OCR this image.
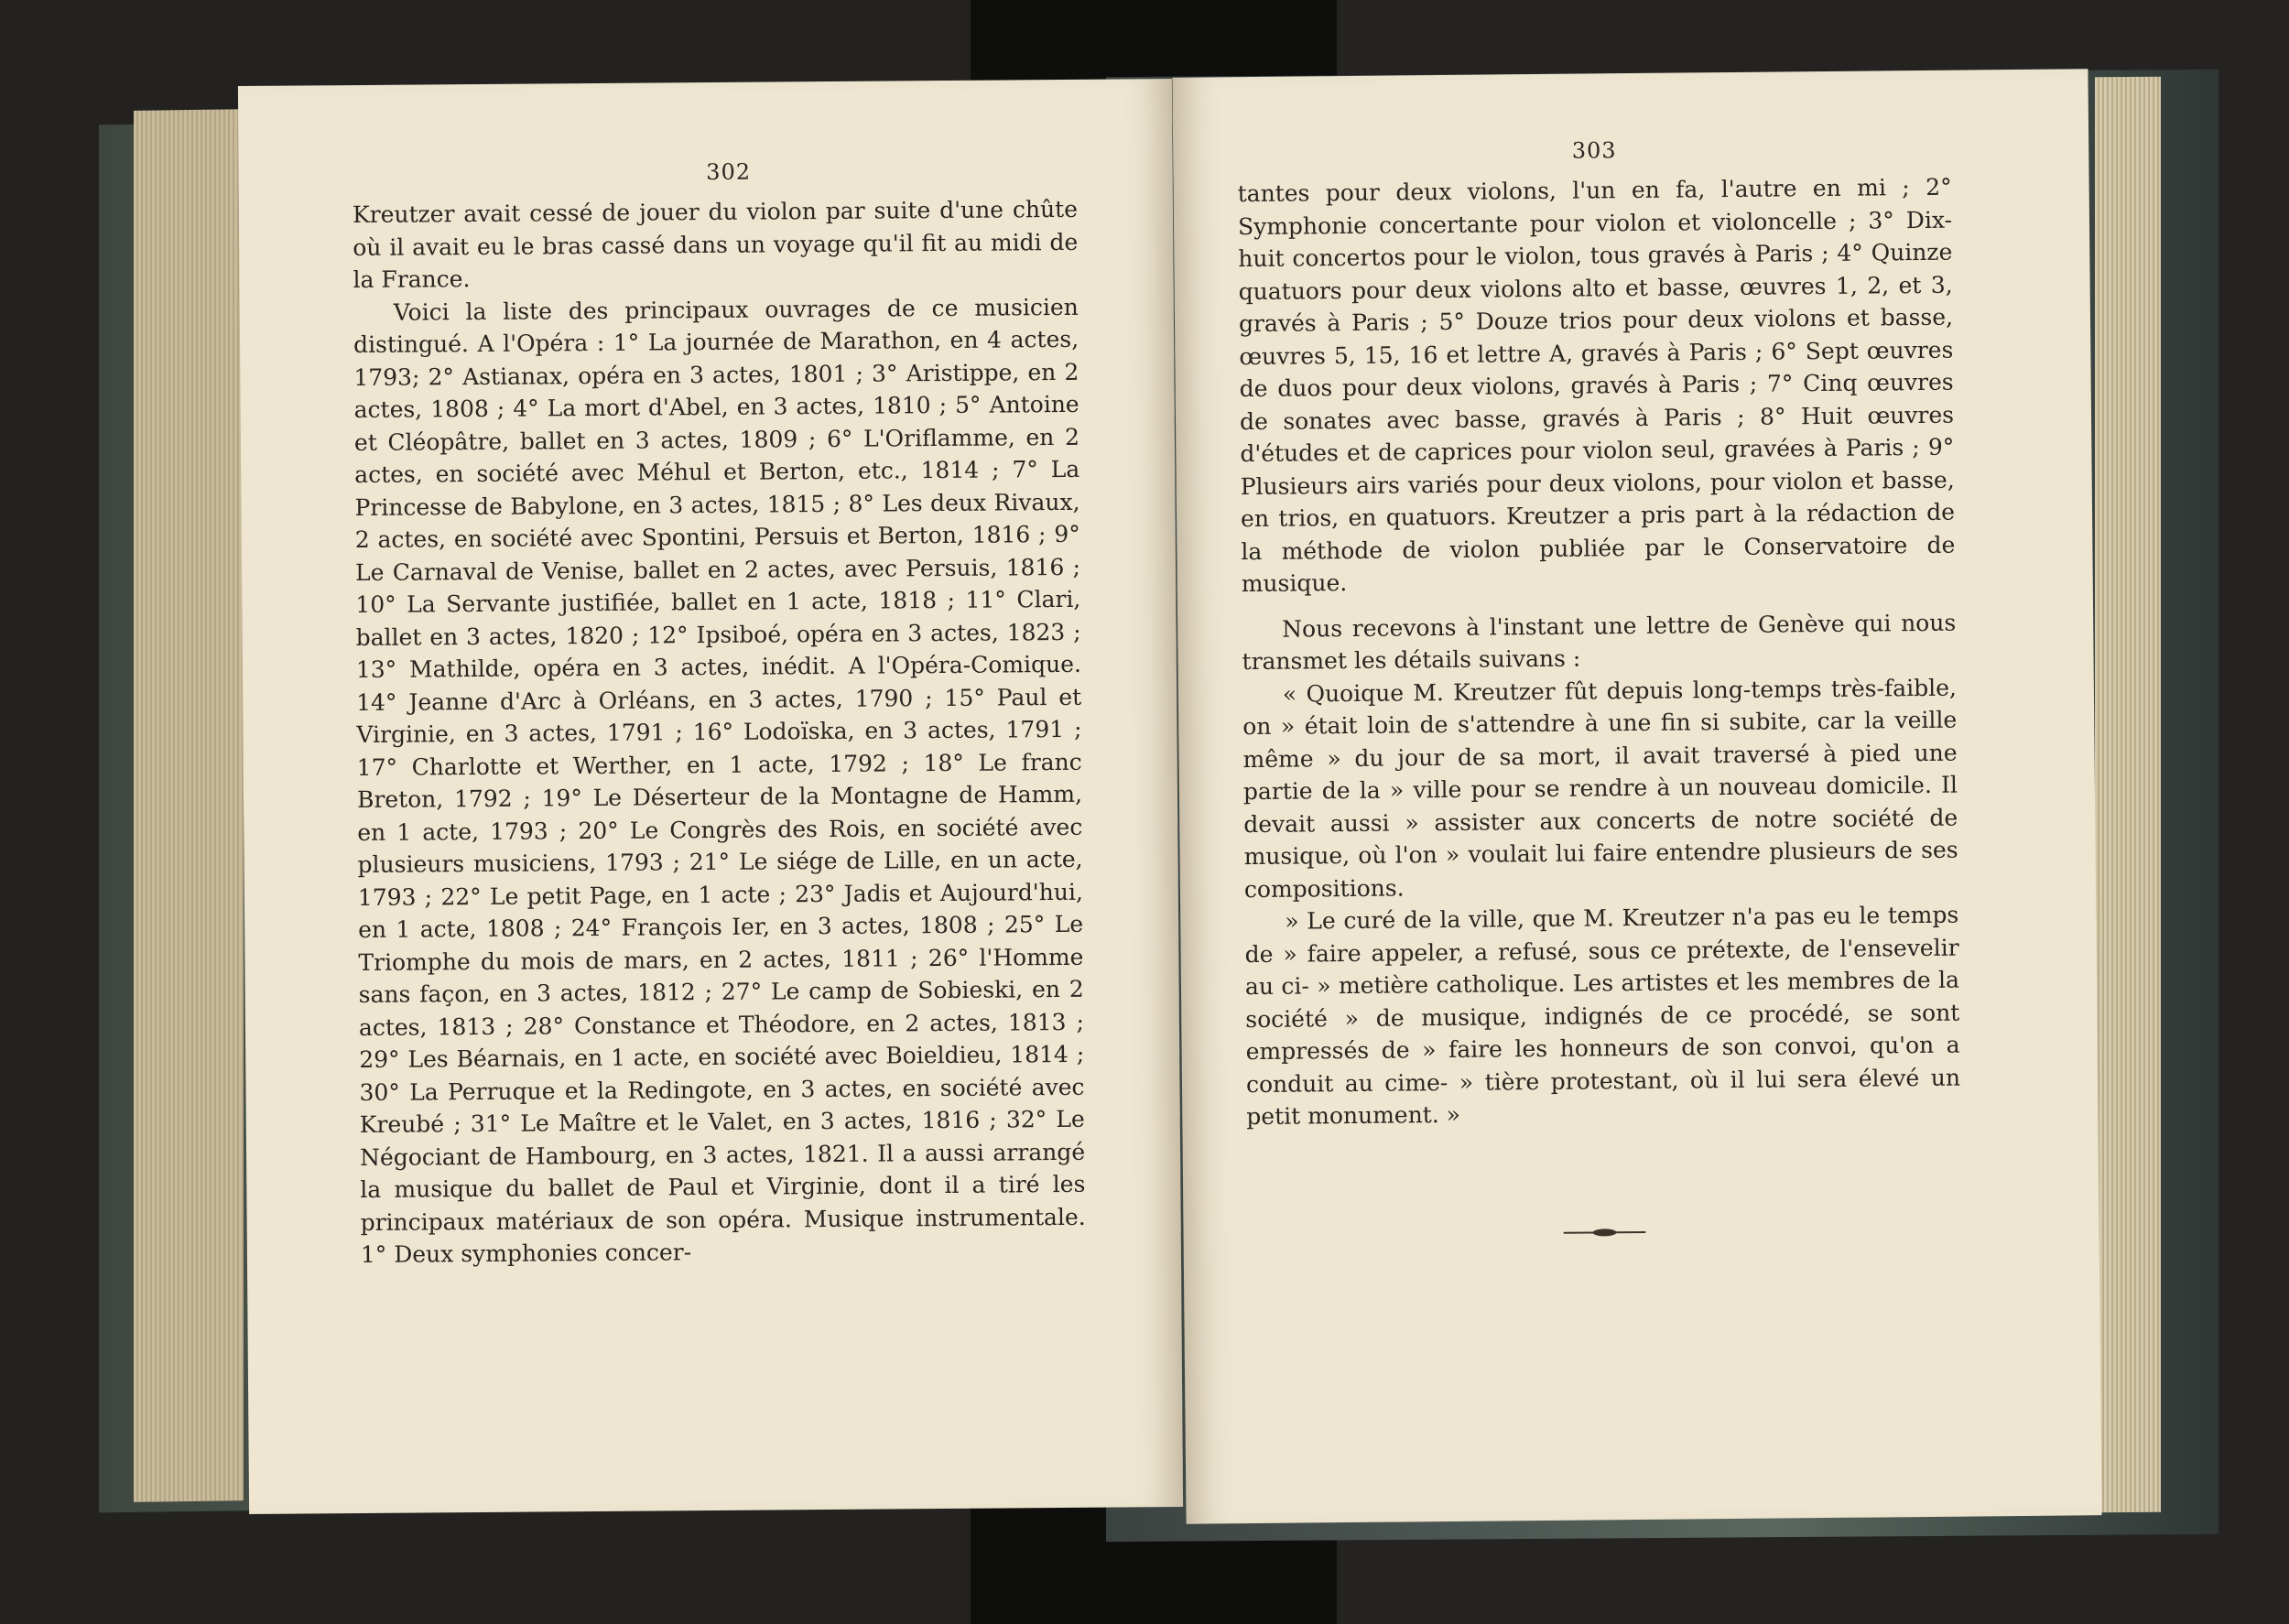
302

Kreutzer avait cessé de jouer du violon par suite d'une chûte où il avait eu le bras cassé dans un voyage qu'il fit au midi de la France.

Voici la liste des principaux ouvrages de ce musicien distingué. A l'Opéra : 1° La journée de Marathon, en 4 actes, 1793; 2° Astianax, opéra en 3 actes, 1801 ; 3° Aristippe, en 2 actes, 1808 ; 4° La mort d'Abel, en 3 actes, 1810 ; 5° Antoine et Cléopâtre, ballet en 3 actes, 1809 ; 6° L'Oriflamme, en 2 actes, en société avec Méhul et Berton, etc., 1814 ; 7° La Princesse de Babylone, en 3 actes, 1815 ; 8° Les deux Rivaux, 2 actes, en société avec Spontini, Persuis et Berton, 1816 ; 9° Le Carnaval de Venise, ballet en 2 actes, avec Persuis, 1816 ; 10° La Servante justifiée, ballet en 1 acte, 1818 ; 11° Clari, ballet en 3 actes, 1820 ; 12° Ipsiboé, opéra en 3 actes, 1823 ; 13° Mathilde, opéra en 3 actes, inédit. A l'Opéra-Comique. 14° Jeanne d'Arc à Orléans, en 3 actes, 1790 ; 15° Paul et Virginie, en 3 actes, 1791 ; 16° Lodoïska, en 3 actes, 1791 ; 17° Charlotte et Werther, en 1 acte, 1792 ; 18° Le franc Breton, 1792 ; 19° Le Déserteur de la Montagne de Hamm, en 1 acte, 1793 ; 20° Le Congrès des Rois, en société avec plusieurs musiciens, 1793 ; 21° Le siége de Lille, en un acte, 1793 ; 22° Le petit Page, en 1 acte ; 23° Jadis et Aujourd'hui, en 1 acte, 1808 ; 24° François Ier, en 3 actes, 1808 ; 25° Le Triomphe du mois de mars, en 2 actes, 1811 ; 26° l'Homme sans façon, en 3 actes, 1812 ; 27° Le camp de Sobieski, en 2 actes, 1813 ; 28° Constance et Théodore, en 2 actes, 1813 ; 29° Les Béarnais, en 1 acte, en société avec Boieldieu, 1814 ; 30° La Perruque et la Redingote, en 3 actes, en société avec Kreubé ; 31° Le Maître et le Valet, en 3 actes, 1816 ; 32° Le Négociant de Hambourg, en 3 actes, 1821. Il a aussi arrangé la musique du ballet de Paul et Virginie, dont il a tiré les principaux matériaux de son opéra. Musique instrumentale. 1° Deux symphonies concer-

303

tantes pour deux violons, l'un en fa, l'autre en mi ; 2° Symphonie concertante pour violon et violoncelle ; 3° Dix-huit concertos pour le violon, tous gravés à Paris ; 4° Quinze quatuors pour deux violons alto et basse, œuvres 1, 2, et 3, gravés à Paris ; 5° Douze trios pour deux violons et basse, œuvres 5, 15, 16 et lettre A, gravés à Paris ; 6° Sept œuvres de duos pour deux violons, gravés à Paris ; 7° Cinq œuvres de sonates avec basse, gravés à Paris ; 8° Huit œuvres d'études et de caprices pour violon seul, gravées à Paris ; 9° Plusieurs airs variés pour deux violons, pour violon et basse, en trios, en quatuors. Kreutzer a pris part à la rédaction de la méthode de violon publiée par le Conservatoire de musique.

Nous recevons à l'instant une lettre de Genève qui nous transmet les détails suivans :

« Quoique M. Kreutzer fût depuis long-temps très-faible, on » était loin de s'attendre à une fin si subite, car la veille même » du jour de sa mort, il avait traversé à pied une partie de la » ville pour se rendre à un nouveau domicile. Il devait aussi » assister aux concerts de notre société de musique, où l'on » voulait lui faire entendre plusieurs de ses compositions.

» Le curé de la ville, que M. Kreutzer n'a pas eu le temps de » faire appeler, a refusé, sous ce prétexte, de l'ensevelir au ci- » metière catholique. Les artistes et les membres de la société » de musique, indignés de ce procédé, se sont empressés de » faire les honneurs de son convoi, qu'on a conduit au cime- » tière protestant, où il lui sera élevé un petit monument. »
